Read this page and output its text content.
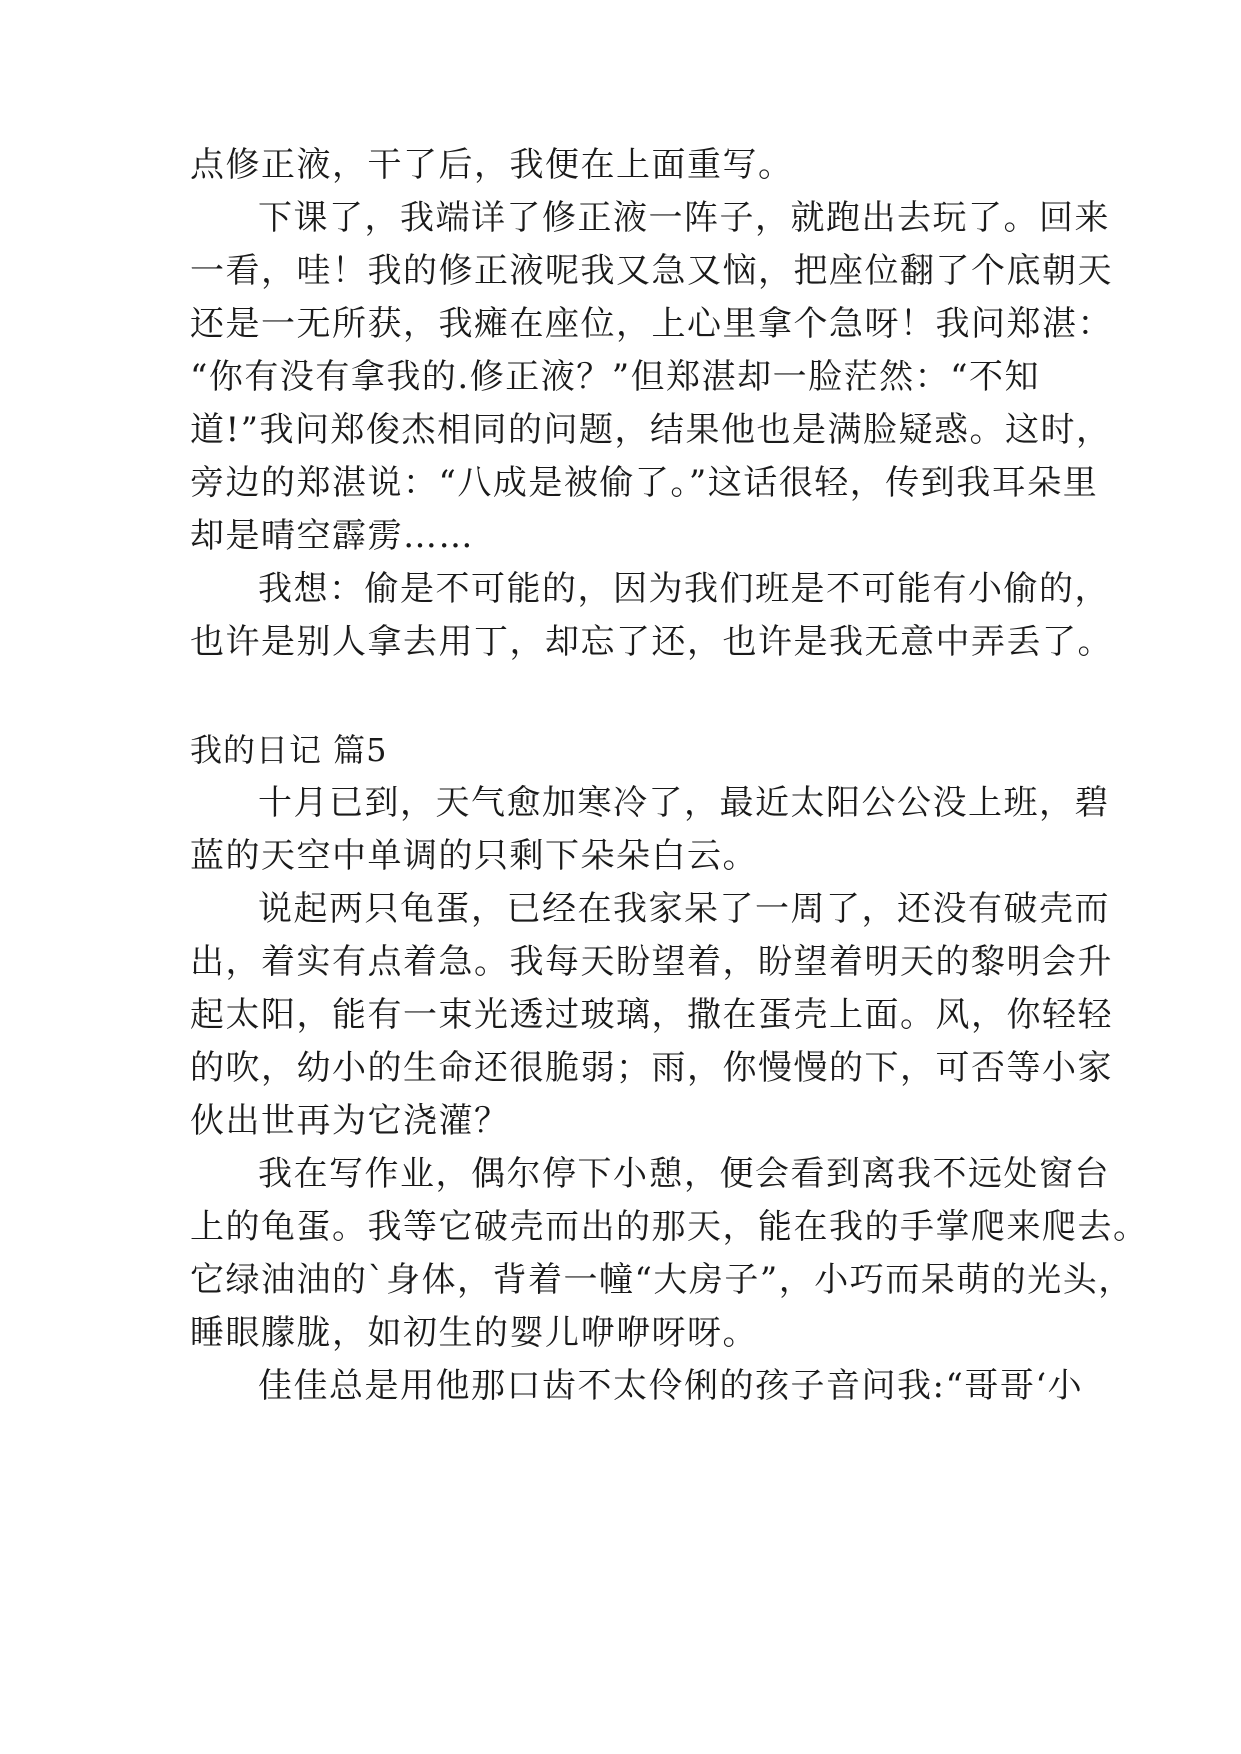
点修正液，干了后，我便在上面重写。
下课了，我端详了修正液一阵子，就跑出去玩了。回来
一看，哇！我的修正液呢我又急又恼，把座位翻了个底朝天
还是一无所获，我瘫在座位，上心里拿个急呀！我问郑湛：
“你有没有拿我的.修正液？”但郑湛却一脸茫然：“不知
道!”我问郑俊杰相同的问题，结果他也是满脸疑惑。这时，
旁边的郑湛说：“八成是被偷了。”这话很轻，传到我耳朵里
却是晴空霹雳……
我想：偷是不可能的，因为我们班是不可能有小偷的，
也许是别人拿去用丁，却忘了还，也许是我无意中弄丢了。
我的日记 篇5
十月已到，天气愈加寒冷了，最近太阳公公没上班，碧
蓝的天空中单调的只剩下朵朵白云。
说起两只龟蛋，已经在我家呆了一周了，还没有破壳而
出，着实有点着急。我每天盼望着，盼望着明天的黎明会升
起太阳，能有一束光透过玻璃，撒在蛋壳上面。风，你轻轻
的吹，幼小的生命还很脆弱；雨，你慢慢的下，可否等小家
伙出世再为它浇灌？
我在写作业，偶尔停下小憩，便会看到离我不远处窗台
上的龟蛋。我等它破壳而出的那天，能在我的手掌爬来爬去。
它绿油油的`身体，背着一幢“大房子”，小巧而呆萌的光头，
睡眼朦胧，如初生的婴儿咿咿呀呀。
佳佳总是用他那口齿不太伶俐的孩子音问我:“哥哥‘小
